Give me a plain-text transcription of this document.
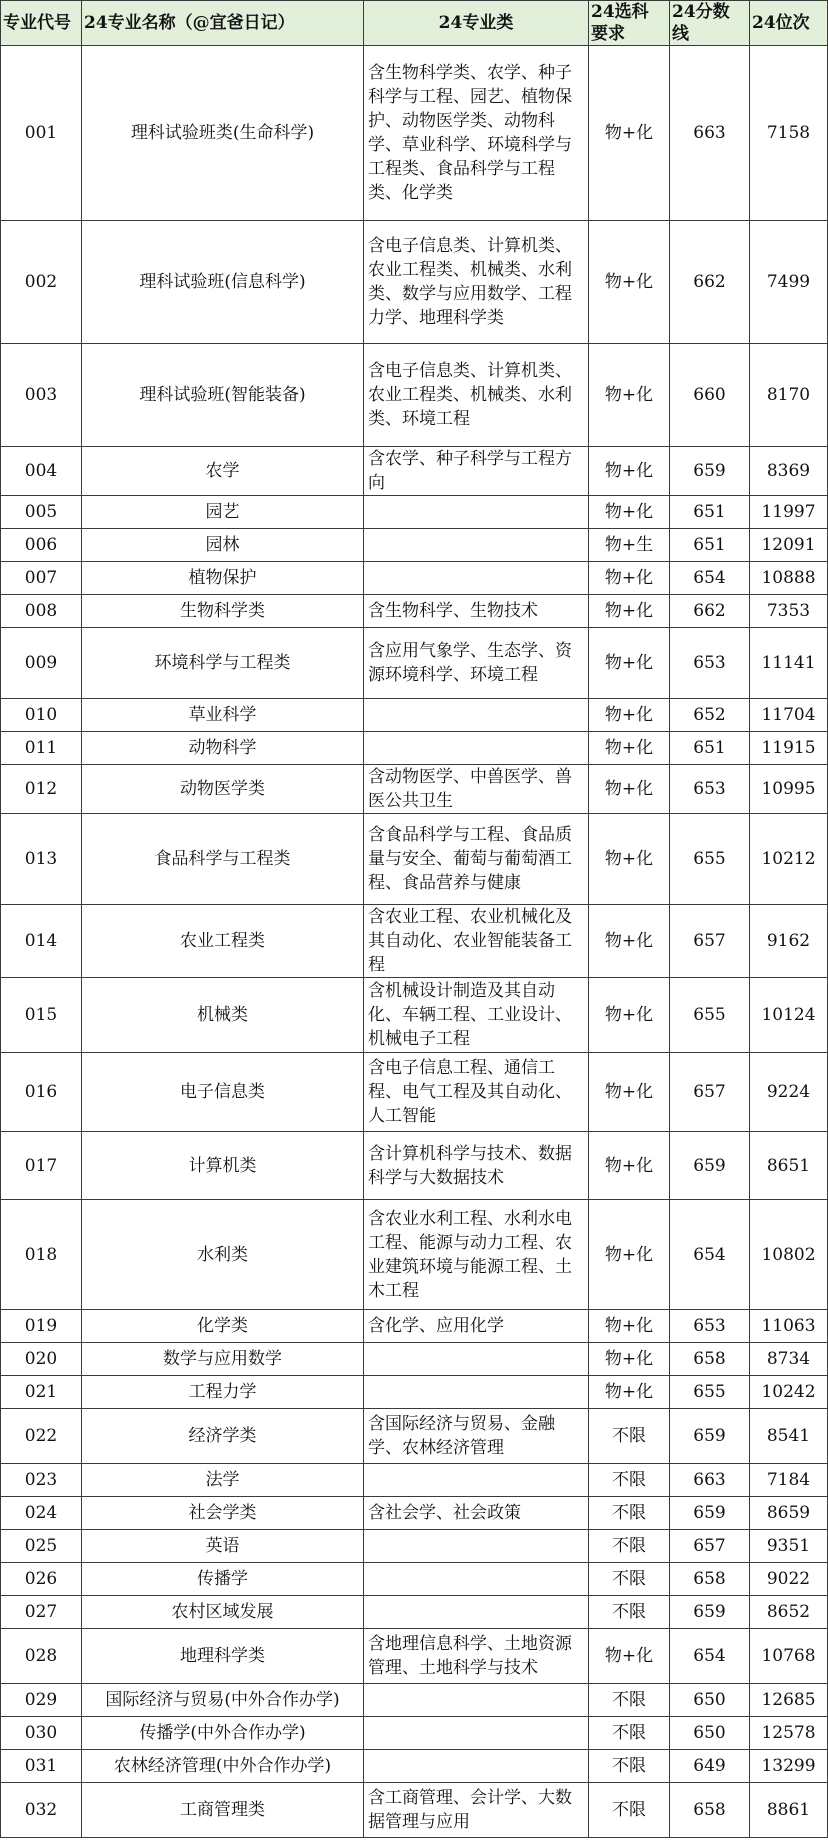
专业代号	24专业名称（@宜爸日记）	24专业类	24选科要求	24分数线	24位次
001	理科试验班类(生命科学)	含生物科学类、农学、种子科学与工程、园艺、植物保护、动物医学类、动物科学、草业科学、环境科学与工程类、食品科学与工程类、化学类	物+化	663	7158
002	理科试验班(信息科学)	含电子信息类、计算机类、农业工程类、机械类、水利类、数学与应用数学、工程力学、地理科学类	物+化	662	7499
003	理科试验班(智能装备)	含电子信息类、计算机类、农业工程类、机械类、水利类、环境工程	物+化	660	8170
004	农学	含农学、种子科学与工程方向	物+化	659	8369
005	园艺		物+化	651	11997
006	园林		物+生	651	12091
007	植物保护		物+化	654	10888
008	生物科学类	含生物科学、生物技术	物+化	662	7353
009	环境科学与工程类	含应用气象学、生态学、资源环境科学、环境工程	物+化	653	11141
010	草业科学		物+化	652	11704
011	动物科学		物+化	651	11915
012	动物医学类	含动物医学、中兽医学、兽医公共卫生	物+化	653	10995
013	食品科学与工程类	含食品科学与工程、食品质量与安全、葡萄与葡萄酒工程、食品营养与健康	物+化	655	10212
014	农业工程类	含农业工程、农业机械化及其自动化、农业智能装备工程	物+化	657	9162
015	机械类	含机械设计制造及其自动化、车辆工程、工业设计、机械电子工程	物+化	655	10124
016	电子信息类	含电子信息工程、通信工程、电气工程及其自动化、人工智能	物+化	657	9224
017	计算机类	含计算机科学与技术、数据科学与大数据技术	物+化	659	8651
018	水利类	含农业水利工程、水利水电工程、能源与动力工程、农业建筑环境与能源工程、土木工程	物+化	654	10802
019	化学类	含化学、应用化学	物+化	653	11063
020	数学与应用数学		物+化	658	8734
021	工程力学		物+化	655	10242
022	经济学类	含国际经济与贸易、金融学、农林经济管理	不限	659	8541
023	法学		不限	663	7184
024	社会学类	含社会学、社会政策	不限	659	8659
025	英语		不限	657	9351
026	传播学		不限	658	9022
027	农村区域发展		不限	659	8652
028	地理科学类	含地理信息科学、土地资源管理、土地科学与技术	物+化	654	10768
029	国际经济与贸易(中外合作办学)		不限	650	12685
030	传播学(中外合作办学)		不限	650	12578
031	农林经济管理(中外合作办学)		不限	649	13299
032	工商管理类	含工商管理、会计学、大数据管理与应用	不限	658	8861
